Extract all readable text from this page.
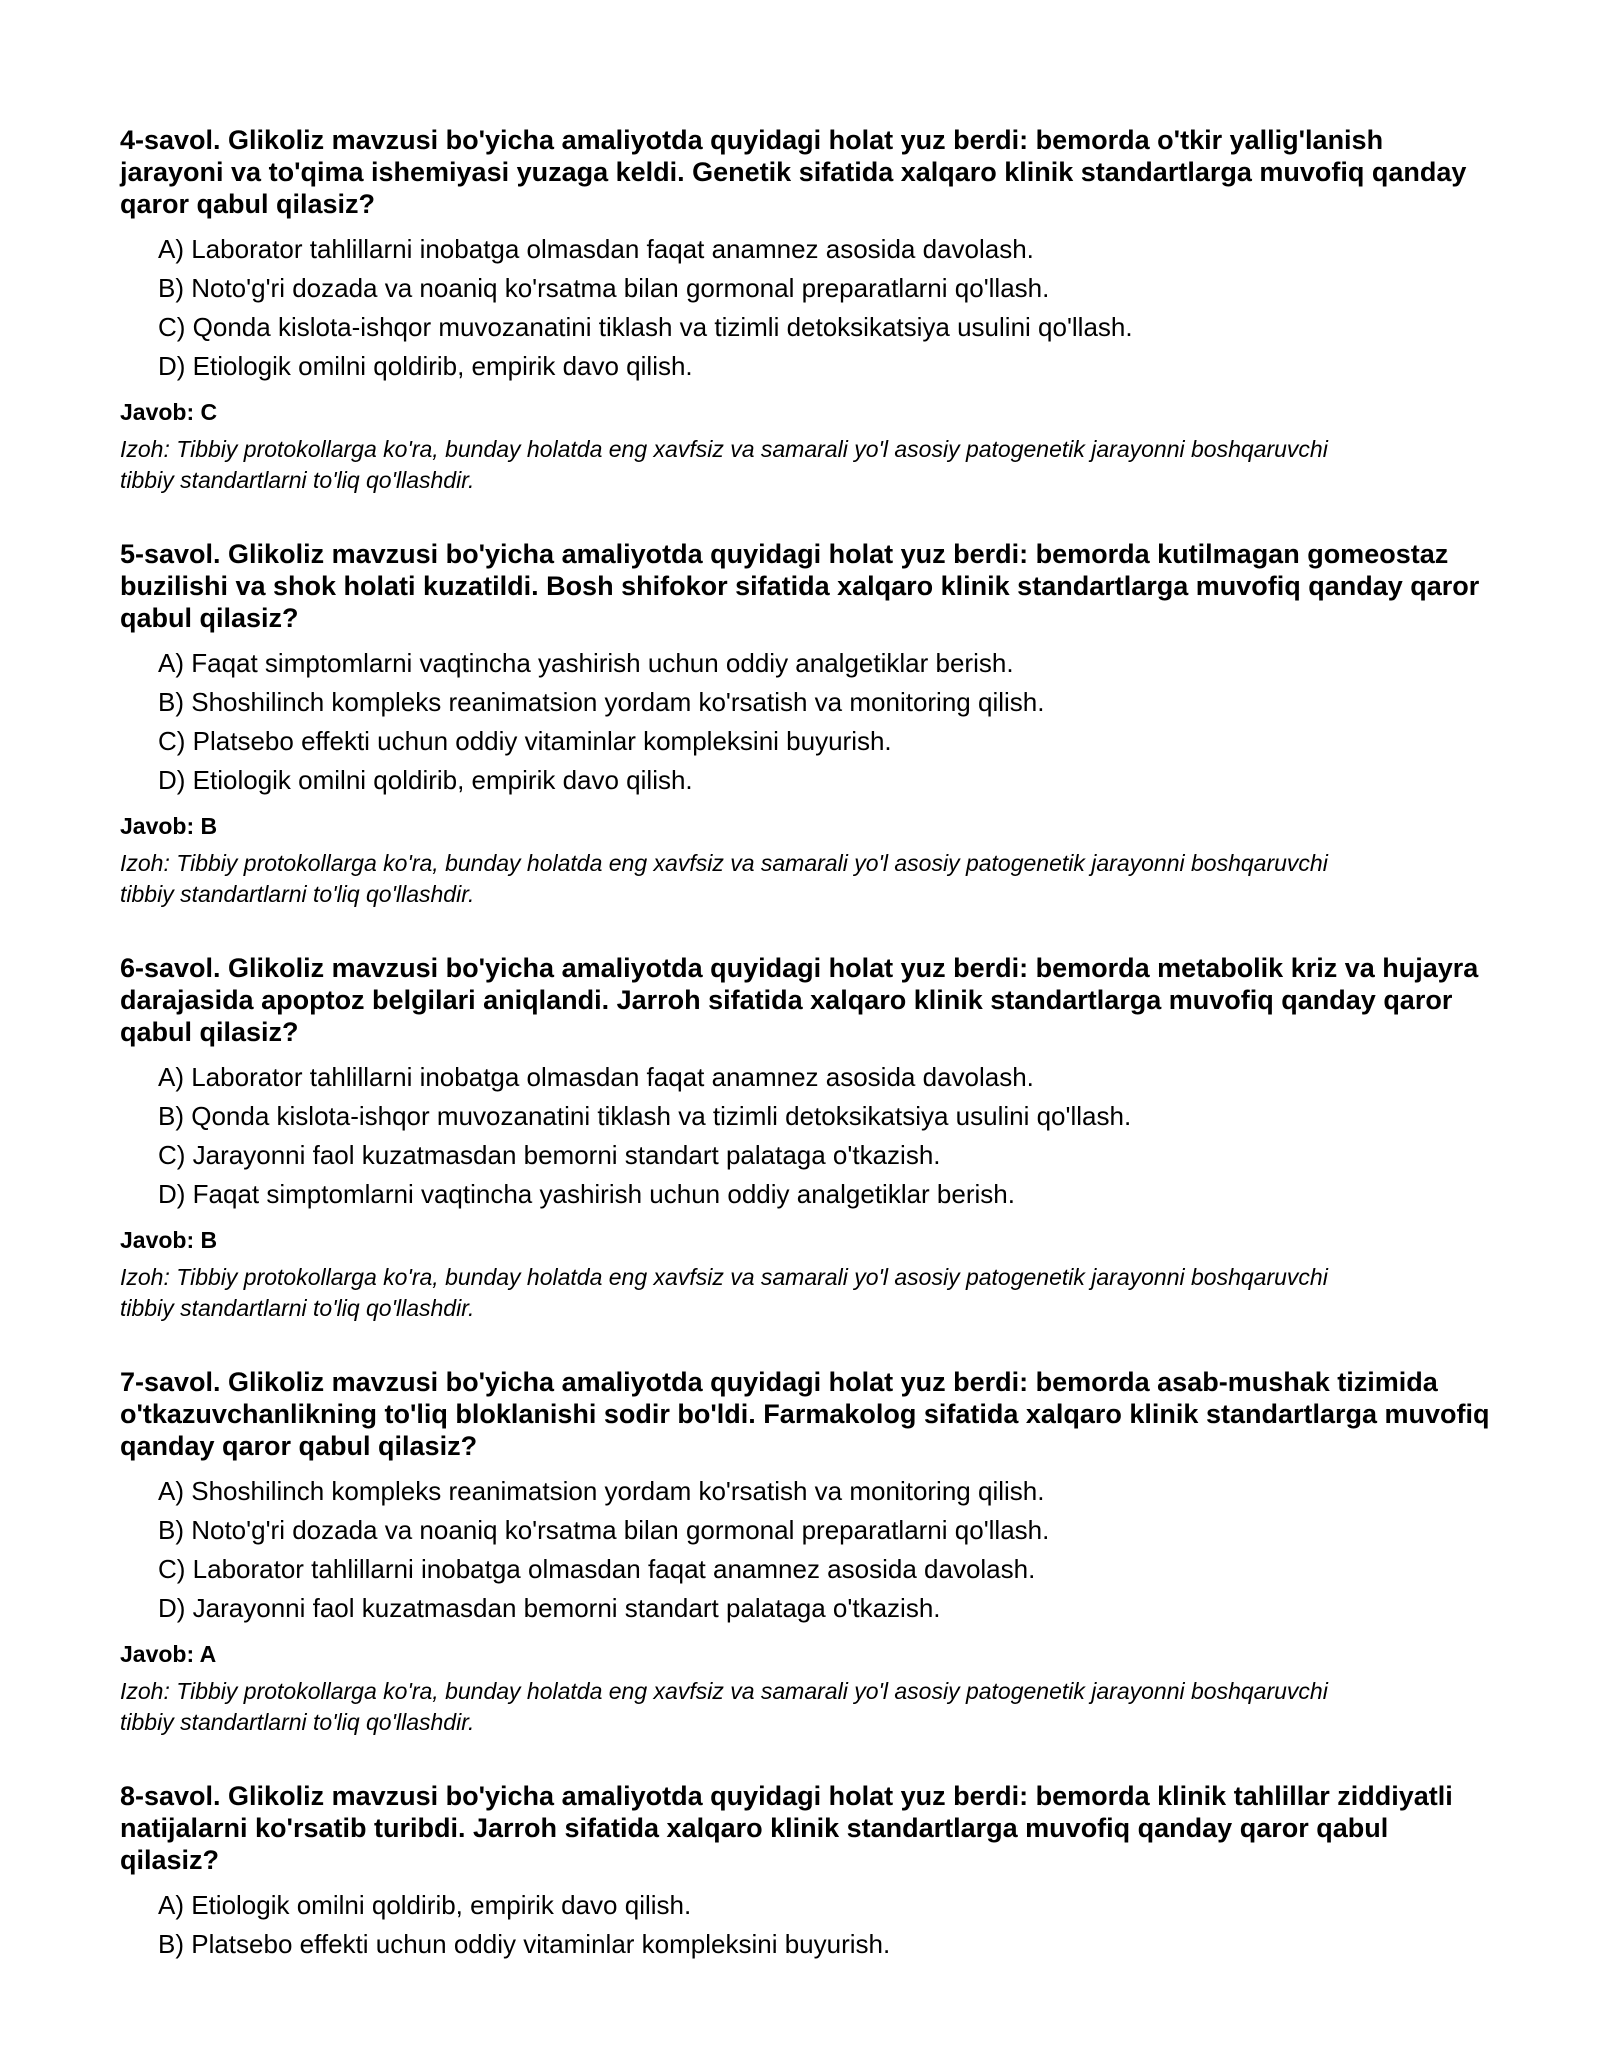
4-savol. Glikoliz mavzusi bo'yicha amaliyotda quyidagi holat yuz berdi: bemorda o'tkir yallig'lanish jarayoni va to'qima ishemiyasi yuzaga keldi. Genetik sifatida xalqaro klinik standartlarga muvofiq qanday qaror qabul qilasiz?
A) Laborator tahlillarni inobatga olmasdan faqat anamnez asosida davolash.
B) Noto'g'ri dozada va noaniq ko'rsatma bilan gormonal preparatlarni qo'llash.
C) Qonda kislota-ishqor muvozanatini tiklash va tizimli detoksikatsiya usulini qo'llash.
D) Etiologik omilni qoldirib, empirik davo qilish.
Javob: C
Izoh: Tibbiy protokollarga ko'ra, bunday holatda eng xavfsiz va samarali yo'l asosiy patogenetik jarayonni boshqaruvchi tibbiy standartlarni to'liq qo'llashdir.
5-savol. Glikoliz mavzusi bo'yicha amaliyotda quyidagi holat yuz berdi: bemorda kutilmagan gomeostaz buzilishi va shok holati kuzatildi. Bosh shifokor sifatida xalqaro klinik standartlarga muvofiq qanday qaror qabul qilasiz?
A) Faqat simptomlarni vaqtincha yashirish uchun oddiy analgetiklar berish.
B) Shoshilinch kompleks reanimatsion yordam ko'rsatish va monitoring qilish.
C) Platsebo effekti uchun oddiy vitaminlar kompleksini buyurish.
D) Etiologik omilni qoldirib, empirik davo qilish.
Javob: B
Izoh: Tibbiy protokollarga ko'ra, bunday holatda eng xavfsiz va samarali yo'l asosiy patogenetik jarayonni boshqaruvchi tibbiy standartlarni to'liq qo'llashdir.
6-savol. Glikoliz mavzusi bo'yicha amaliyotda quyidagi holat yuz berdi: bemorda metabolik kriz va hujayra darajasida apoptoz belgilari aniqlandi. Jarroh sifatida xalqaro klinik standartlarga muvofiq qanday qaror qabul qilasiz?
A) Laborator tahlillarni inobatga olmasdan faqat anamnez asosida davolash.
B) Qonda kislota-ishqor muvozanatini tiklash va tizimli detoksikatsiya usulini qo'llash.
C) Jarayonni faol kuzatmasdan bemorni standart palataga o'tkazish.
D) Faqat simptomlarni vaqtincha yashirish uchun oddiy analgetiklar berish.
Javob: B
Izoh: Tibbiy protokollarga ko'ra, bunday holatda eng xavfsiz va samarali yo'l asosiy patogenetik jarayonni boshqaruvchi tibbiy standartlarni to'liq qo'llashdir.
7-savol. Glikoliz mavzusi bo'yicha amaliyotda quyidagi holat yuz berdi: bemorda asab-mushak tizimida o'tkazuvchanlikning to'liq bloklanishi sodir bo'ldi. Farmakolog sifatida xalqaro klinik standartlarga muvofiq qanday qaror qabul qilasiz?
A) Shoshilinch kompleks reanimatsion yordam ko'rsatish va monitoring qilish.
B) Noto'g'ri dozada va noaniq ko'rsatma bilan gormonal preparatlarni qo'llash.
C) Laborator tahlillarni inobatga olmasdan faqat anamnez asosida davolash.
D) Jarayonni faol kuzatmasdan bemorni standart palataga o'tkazish.
Javob: A
Izoh: Tibbiy protokollarga ko'ra, bunday holatda eng xavfsiz va samarali yo'l asosiy patogenetik jarayonni boshqaruvchi tibbiy standartlarni to'liq qo'llashdir.
8-savol. Glikoliz mavzusi bo'yicha amaliyotda quyidagi holat yuz berdi: bemorda klinik tahlillar ziddiyatli natijalarni ko'rsatib turibdi. Jarroh sifatida xalqaro klinik standartlarga muvofiq qanday qaror qabul qilasiz?
A) Etiologik omilni qoldirib, empirik davo qilish.
B) Platsebo effekti uchun oddiy vitaminlar kompleksini buyurish.
